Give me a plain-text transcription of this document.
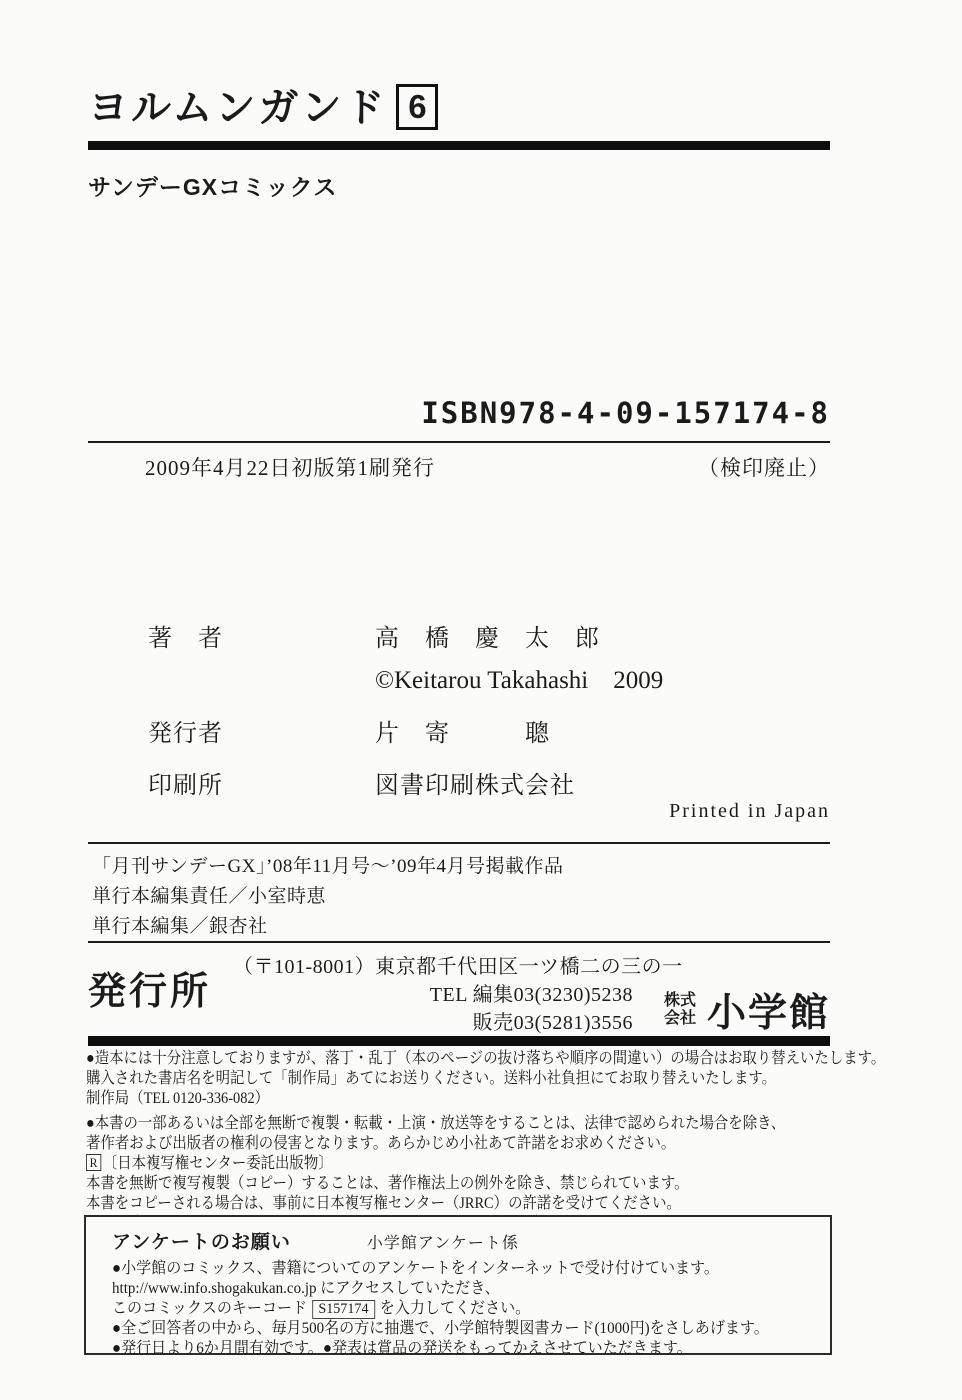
ヨルムンガンド 6
サンデーGXコミックス
ISBN978-4-09-157174-8
2009年4月22日初版第1刷発行	（検印廃止）
著　者	高　橋　慶　太　郎
©Keitarou Takahashi　2009
発行者	片　寄　　　聰
印刷所	図書印刷株式会社
Printed in Japan
「月刊サンデーGX」’08年11月号〜’09年4月号掲載作品
単行本編集責任／小室時恵
単行本編集／銀杏社
発行所
（〒101-8001）東京都千代田区一ツ橋二の三の一
TEL 編集03(3230)5238
販売03(5281)3556
株式
会社 小学館
●造本には十分注意しておりますが、落丁・乱丁（本のページの抜け落ちや順序の間違い）の場合はお取り替えいたします。
購入された書店名を明記して「制作局」あてにお送りください。送料小社負担にてお取り替えいたします。
制作局（TEL 0120-336-082）
●本書の一部あるいは全部を無断で複製・転載・上演・放送等をすることは、法律で認められた場合を除き、
著作者および出版者の権利の侵害となります。あらかじめ小社あて許諾をお求めください。
R 〔日本複写権センター委託出版物〕
本書を無断で複写複製（コピー）することは、著作権法上の例外を除き、禁じられています。
本書をコピーされる場合は、事前に日本複写権センター（JRRC）の許諾を受けてください。
アンケートのお願い	小学館アンケート係
●小学館のコミックス、書籍についてのアンケートをインターネットで受け付けています。
http://www.info.shogakukan.co.jp にアクセスしていただき、
このコミックスのキーコード S157174 を入力してください。
●全ご回答者の中から、毎月500名の方に抽選で、小学館特製図書カード(1000円)をさしあげます。
●発行日より6か月間有効です。●発表は賞品の発送をもってかえさせていただきます。
